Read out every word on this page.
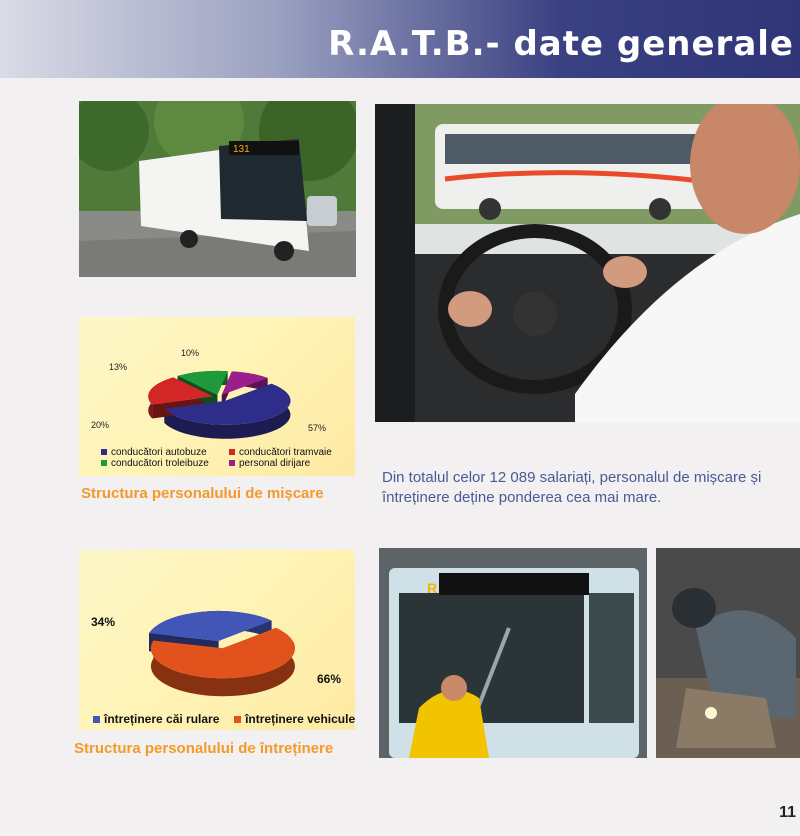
R.A.T.B.- date generale
131
13%
10%
20%	57%
conducători autobuze	conducători tramvaie
conducători troleibuze	personal dirijare
Structura personalului de mișcare
Din totalul celor 12 089 salariați, personalul de mișcare și întreținere deține ponderea cea mai mare.
34%
66%
întreținere căi rulare întreținere vehicule
Structura personalului de întreținere
R
11
